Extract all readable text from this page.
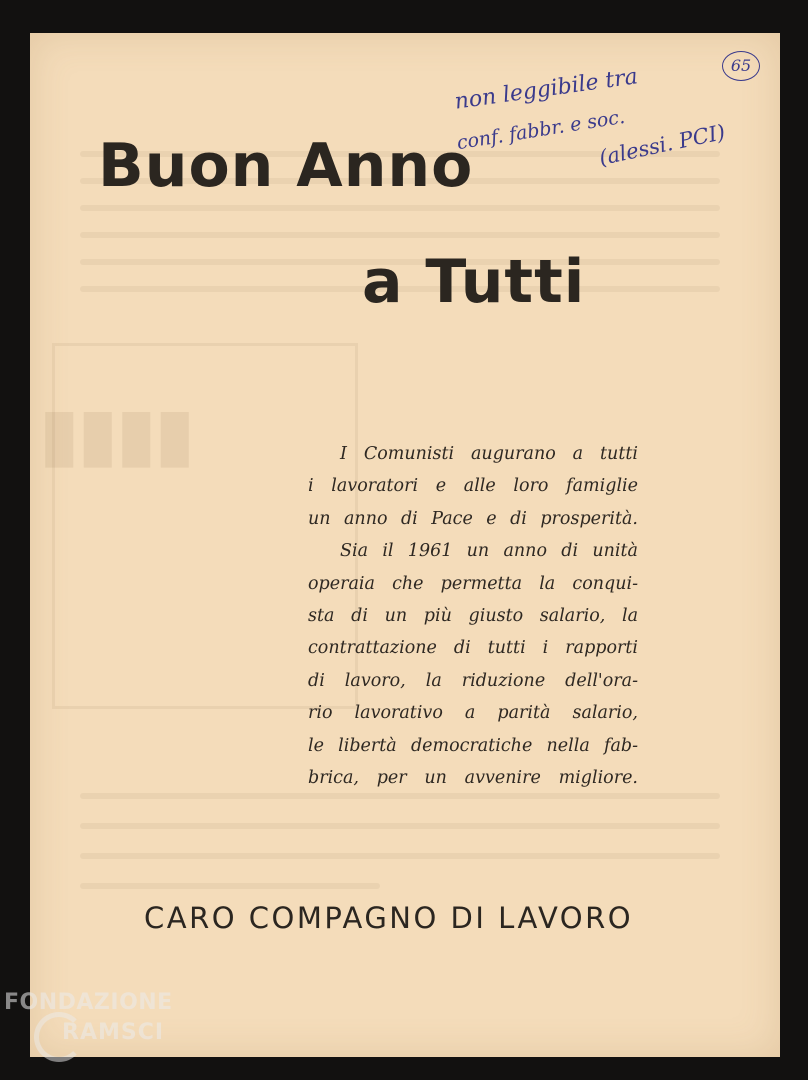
▮▮▮▮
Buon Anno
a Tutti
I Comunisti augurano a tutti
i lavoratori e alle loro famiglie
un anno di Pace e di prosperità.
Sia il 1961 un anno di unità
operaia che permetta la conqui-
sta di un più giusto salario, la
contrattazione di tutti i rapporti
di lavoro, la riduzione dell'ora-
rio lavorativo a parità salario,
le libertà democratiche nella fab-
brica, per un avvenire migliore.
CARO COMPAGNO DI LAVORO

non leggibile tra

conf. fabbr. e soc.

(alessi. PCI)

65
FONDAZIONE
RAMSCI
